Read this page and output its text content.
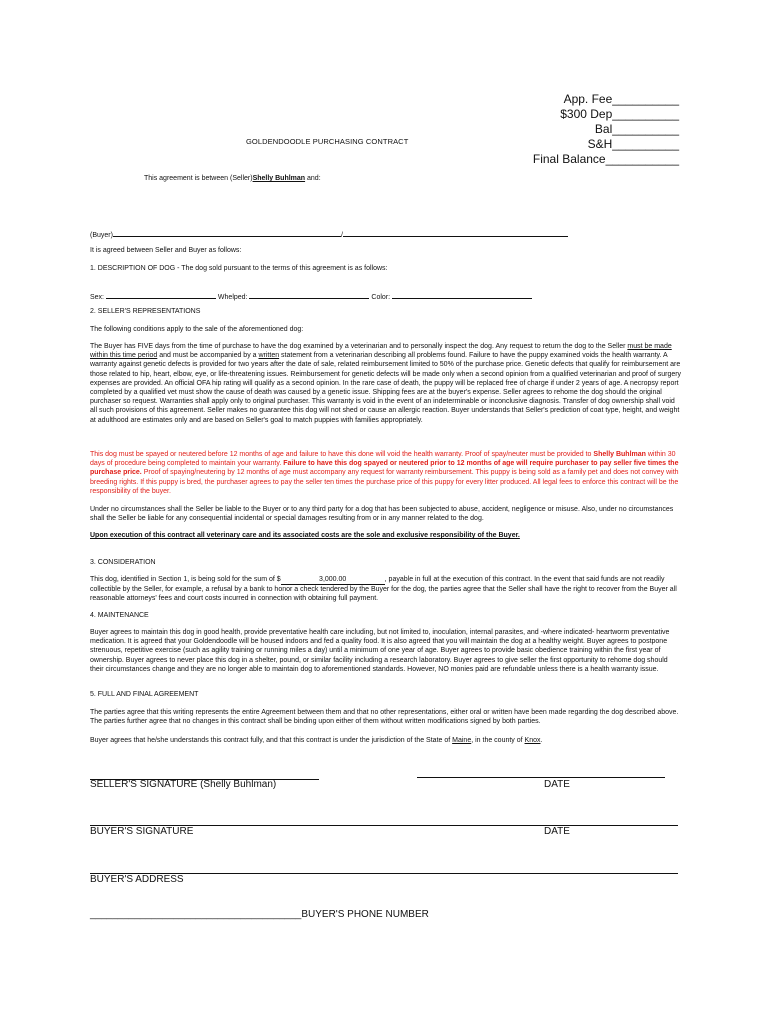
App. Fee__________
$300 Dep__________
Bal__________
S&H__________
Final Balance___________
GOLDENDOODLE PURCHASING CONTRACT
This agreement is between (Seller)Shelly Buhlman and:
(Buyer)	/
It is agreed between Seller and Buyer as follows:
1. DESCRIPTION OF DOG - The dog sold pursuant to the terms of this agreement is as follows:
Sex:	Whelped:	Color:
2. SELLER'S REPRESENTATIONS
The following conditions apply to the sale of the aforementioned dog:
The Buyer has FIVE days from the time of purchase to have the dog examined by a veterinarian and to personally inspect the dog. Any request to return the dog to the Seller must be made within this time period and must be accompanied by a written statement from a veterinarian describing all problems found. Failure to have the puppy examined voids the health warranty. A warranty against genetic defects is provided for two years after the date of sale, related reimbursement limited to 50% of the purchase price. Genetic defects that qualify for reimbursement are those related to hip, heart, elbow, eye, or life-threatening issues. Reimbursement for genetic defects will be made only when a second opinion from a qualified veterinarian and proof of surgery expenses are provided. An official OFA hip rating will qualify as a second opinion. In the rare case of death, the puppy will be replaced free of charge if under 2 years of age. A necropsy report completed by a qualified vet must show the cause of death was caused by a genetic issue. Shipping fees are at the buyer's expense. Seller agrees to rehome the dog should the original purchaser so request. Warranties shall apply only to original purchaser. This warranty is void in the event of an indeterminable or inconclusive diagnosis. Transfer of dog ownership shall void all such provisions of this agreement. Seller makes no guarantee this dog will not shed or cause an allergic reaction. Buyer understands that Seller's prediction of coat type, height, and weight at adulthood are estimates only and are based on Seller's goal to match puppies with families appropriately.
This dog must be spayed or neutered before 12 months of age and failure to have this done will void the health warranty. Proof of spay/neuter must be provided to Shelly Buhlman within 30 days of procedure being completed to maintain your warranty. Failure to have this dog spayed or neutered prior to 12 months of age will require purchaser to pay seller five times the purchase price. Proof of spaying/neutering by 12 months of age must accompany any request for warranty reimbursement. This puppy is being sold as a family pet and does not convey with breeding rights. If this puppy is bred, the purchaser agrees to pay the seller ten times the purchase price of this puppy for every litter produced. All legal fees to enforce this contract will be the responsibility of the buyer.
Under no circumstances shall the Seller be liable to the Buyer or to any third party for a dog that has been subjected to abuse, accident, negligence or misuse. Also, under no circumstances shall the Seller be liable for any consequential incidental or special damages resulting from or in any manner related to the dog.
Upon execution of this contract all veterinary care and its associated costs are the sole and exclusive responsibility of the Buyer.
3. CONSIDERATION
This dog, identified in Section 1, is being sold for the sum of $	3,000.00	, payable in full at the execution of this contract. In the event that said funds are not readily collectible by the Seller, for example, a refusal by a bank to honor a check tendered by the Buyer for the dog, the parties agree that the Seller shall have the right to recover from the Buyer all reasonable attorneys' fees and court costs incurred in connection with obtaining full payment.
4. MAINTENANCE
Buyer agrees to maintain this dog in good health, provide preventative health care including, but not limited to, inoculation, internal parasites, and -where indicated- heartworm preventative medication. It is agreed that your Goldendoodle will be housed indoors and fed a quality food. It is also agreed that you will maintain the dog at a healthy weight. Buyer agrees to postpone strenuous, repetitive exercise (such as agility training or running miles a day) until a minimum of one year of age. Buyer agrees to provide basic obedience training within the first year of ownership. Buyer agrees to never place this dog in a shelter, pound, or similar facility including a research laboratory. Buyer agrees to give seller the first opportunity to rehome dog should their circumstances change and they are no longer able to maintain dog to aforementioned standards. However, NO monies paid are refundable unless there is a health warranty issue.
5. FULL AND FINAL AGREEMENT
The parties agree that this writing represents the entire Agreement between them and that no other representations, either oral or written have been made regarding the dog described above. The parties further agree that no changes in this contract shall be binding upon either of them without written modifications signed by both parties.
Buyer agrees that he/she understands this contract fully, and that this contract is under the jurisdiction of the State of Maine, in the county of Knox.
SELLER'S SIGNATURE (Shelly Buhlman)	DATE
BUYER'S SIGNATURE	DATE
BUYER'S ADDRESS
______________________________________BUYER'S PHONE NUMBER
